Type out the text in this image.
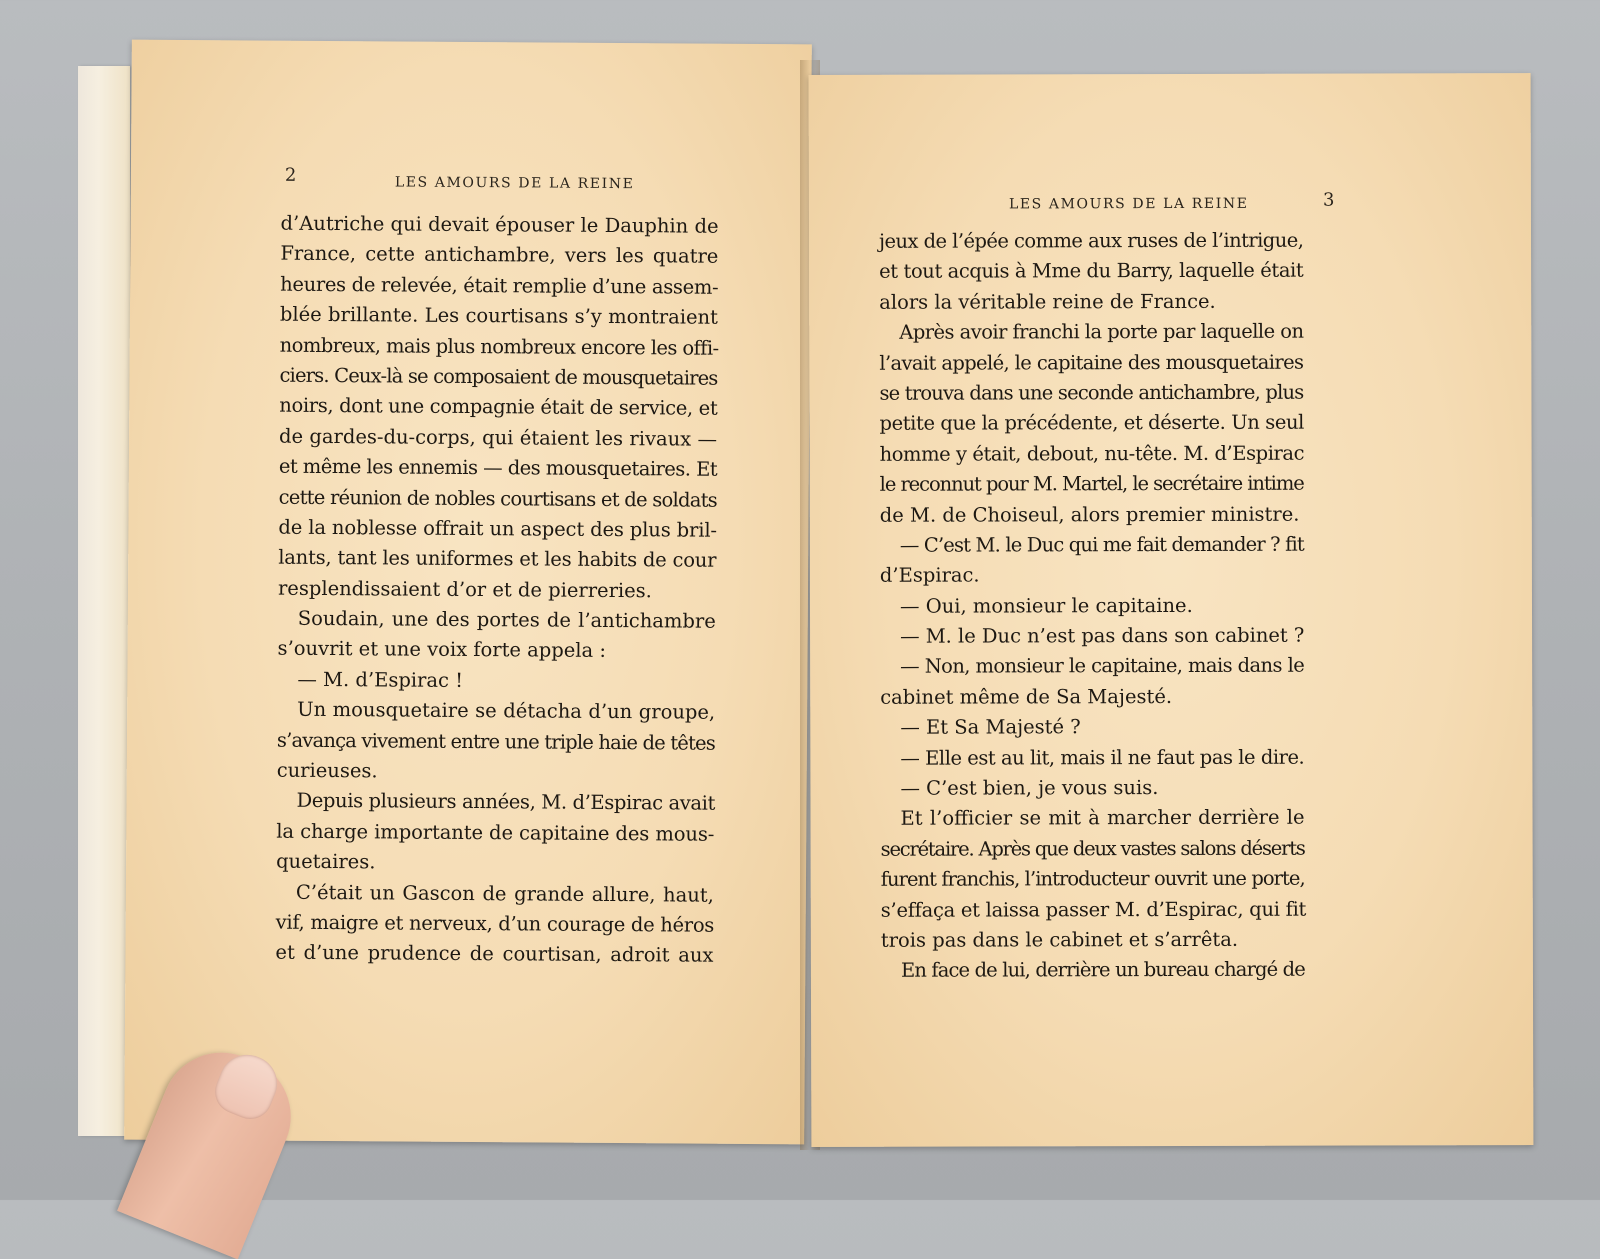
2	LES AMOURS DE LA REINE
d’Autriche qui devait épouser le Dauphin de
France, cette antichambre, vers les quatre
heures de relevée, était remplie d’une assem-
blée brillante. Les courtisans s’y montraient
nombreux, mais plus nombreux encore les offi-
ciers. Ceux-là se composaient de mousquetaires
noirs, dont une compagnie était de service, et
de gardes-du-corps, qui étaient les rivaux —
et même les ennemis — des mousquetaires. Et
cette réunion de nobles courtisans et de soldats
de la noblesse offrait un aspect des plus bril-
lants, tant les uniformes et les habits de cour
resplendissaient d’or et de pierreries.
Soudain, une des portes de l’antichambre
s’ouvrit et une voix forte appela :
— M. d’Espirac !
Un mousquetaire se détacha d’un groupe,
s’avança vivement entre une triple haie de têtes
curieuses.
Depuis plusieurs années, M. d’Espirac avait
la charge importante de capitaine des mous-
quetaires.
C’était un Gascon de grande allure, haut,
vif, maigre et nerveux, d’un courage de héros
et d’une prudence de courtisan, adroit aux
LES AMOURS DE LA REINE	3
jeux de l’épée comme aux ruses de l’intrigue,
et tout acquis à Mme du Barry, laquelle était
alors la véritable reine de France.
Après avoir franchi la porte par laquelle on
l’avait appelé, le capitaine des mousquetaires
se trouva dans une seconde antichambre, plus
petite que la précédente, et déserte. Un seul
homme y était, debout, nu-tête. M. d’Espirac
le reconnut pour M. Martel, le secrétaire intime
de M. de Choiseul, alors premier ministre.
— C’est M. le Duc qui me fait demander ? fit
d’Espirac.
— Oui, monsieur le capitaine.
— M. le Duc n’est pas dans son cabinet ?
— Non, monsieur le capitaine, mais dans le
cabinet même de Sa Majesté.
— Et Sa Majesté ?
— Elle est au lit, mais il ne faut pas le dire.
— C’est bien, je vous suis.
Et l’officier se mit à marcher derrière le
secrétaire. Après que deux vastes salons déserts
furent franchis, l’introducteur ouvrit une porte,
s’effaça et laissa passer M. d’Espirac, qui fit
trois pas dans le cabinet et s’arrêta.
En face de lui, derrière un bureau chargé de
